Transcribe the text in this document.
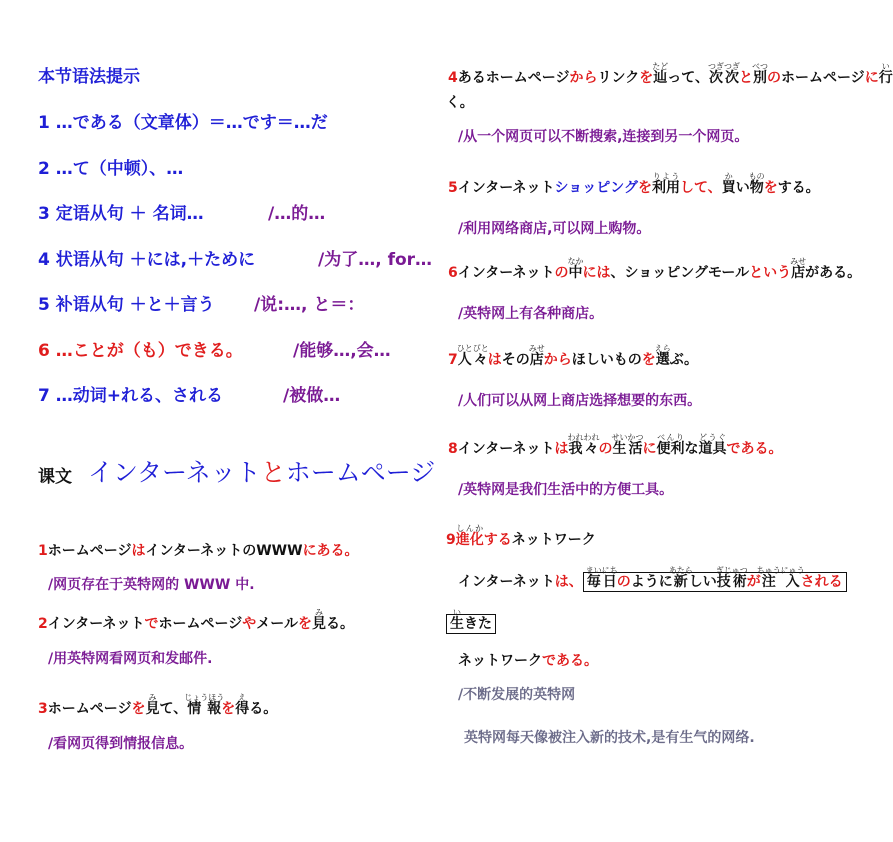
本节语法提示
1 …である（文章体）＝…です＝…だ
2 …て（中顿）、…
3 定语从句 ＋ 名词…	/…的…
4 状语从句 ＋には,＋ために	/为了…, for…
5 补语从句 ＋と＋言う /说:…, と＝：
6 …ことが（も）できる。	/能够…,会…
7 …动词+れる、される	/被做…
课文 インターネットとホームページ
1ホームページはインターネットのWWWにある。
/网页存在于英特网的 WWW 中.
2インターネットでホームページやメールを見みる。
/用英特网看网页和发邮件.
3ホームページを見みて、情報じょうほうを得える。
/看网页得到情报信息。
4あるホームページからリンクを辿たどって、次つぎ次つぎと別べつのホームページに行い
く。
/从一个网页可以不断搜索,连接到另一个网页。
5インターネットショッピングを利用りようして、買かい物ものをする。
/利用网络商店,可以网上购物。
6インターネットの中なかには、ショッピングモールという店みせがある。
/英特网上有各种商店。
7人々ひとびとはその店みせからほしいものを選えらぶ。
/人们可以从网上商店选择想要的东西。
8インターネットは我々われわれの生活せいかつに便利べんりな道具どうぐである。
/英特网是我们生活中的方便工具。
9進化しんかするネットワーク
インターネットは、 毎日まいにちのように新あたらしい技術ぎじゅつが注入ちゅうにゅうされる
生いきた
ネットワークである。
/不断发展的英特网
英特网每天像被注入新的技术,是有生气的网络.
